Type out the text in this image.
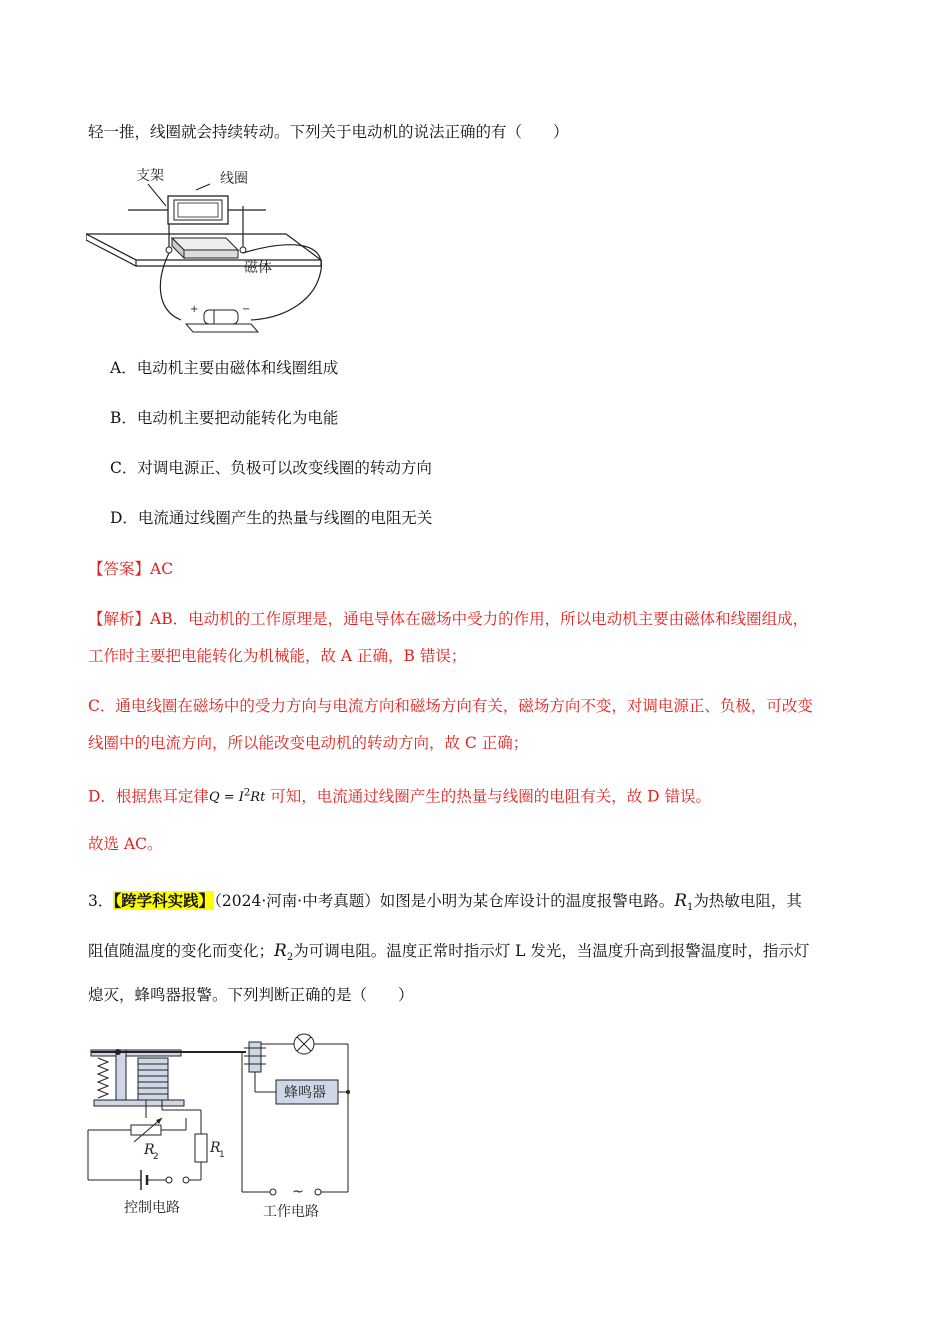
轻一推，线圈就会持续转动。下列关于电动机的说法正确的有（　　）
支架	线圈
磁体
+	−
A．电动机主要由磁体和线圈组成
B．电动机主要把动能转化为电能
C．对调电源正、负极可以改变线圈的转动方向
D．电流通过线圈产生的热量与线圈的电阻无关
【答案】AC
【解析】AB．电动机的工作原理是，通电导体在磁场中受力的作用，所以电动机主要由磁体和线圈组成，
工作时主要把电能转化为机械能，故 A 正确，B 错误；
C．通电线圈在磁场中的受力方向与电流方向和磁场方向有关，磁场方向不变，对调电源正、负极，可改变
线圈中的电流方向，所以能改变电动机的转动方向，故 C 正确；
D．根据焦耳定律$Q = I^2Rt$ 可知，电流通过线圈产生的热量与线圈的电阻有关，故 D 错误。
故选 AC。
3．【跨学科实践】（2024·河南·中考真题）如图是小明为某仓库设计的温度报警电路。$R_1$为热敏电阻，其
阻值随温度的变化而变化；$R_2$为可调电阻。温度正常时指示灯 L 发光，当温度升高到报警温度时，指示灯
熄灭，蜂鸣器报警。下列判断正确的是（　　）
蜂鸣器
~
R
1
R
2
控制电路	工作电路
